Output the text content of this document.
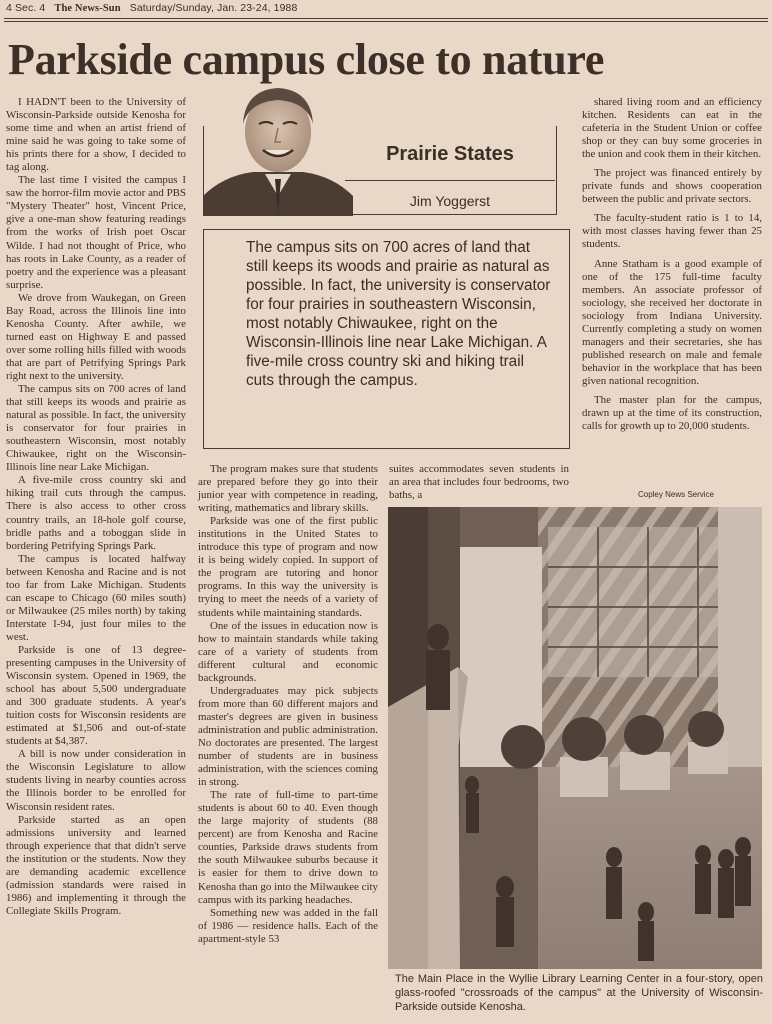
4 Sec. 4 The News-Sun Saturday/Sunday, Jan. 23-24, 1988
Parkside campus close to nature

I HADN'T been to the University of Wisconsin-Parkside outside Kenosha for some time and when an artist friend of mine said he was going to take some of his prints there for a show, I decided to tag along.

The last time I visited the campus I saw the horror-film movie actor and PBS "Mystery Theater" host, Vincent Price, give a one-man show featuring readings from the works of Irish poet Oscar Wilde. I had not thought of Price, who has roots in Lake County, as a reader of poetry and the experience was a pleasant surprise.

We drove from Waukegan, on Green Bay Road, across the Illinois line into Kenosha County. After awhile, we turned east on Highway E and passed over some rolling hills filled with woods that are part of Petrifying Springs Park right next to the university.

The campus sits on 700 acres of land that still keeps its woods and prairie as natural as possible. In fact, the university is conservator for four prairies in southeastern Wisconsin, most notably Chiwaukee, right on the Wisconsin-Illinois line near Lake Michigan.

A five-mile cross country ski and hiking trail cuts through the campus. There is also access to other cross country trails, an 18-hole golf course, bridle paths and a toboggan slide in bordering Petrifying Springs Park.

The campus is located halfway between Kenosha and Racine and is not too far from Lake Michigan. Students can escape to Chicago (60 miles south) or Milwaukee (25 miles north) by taking Interstate I-94, just four miles to the west.

Parkside is one of 13 degree-presenting campuses in the University of Wisconsin system. Opened in 1969, the school has about 5,500 undergraduate and 300 graduate students. A year's tuition costs for Wisconsin residents are estimated at $1,506 and out-of-state students at $4,387.

A bill is now under consideration in the Wisconsin Legislature to allow students living in nearby counties across the Illinois border to be enrolled for Wisconsin resident rates.

Parkside started as an open admissions university and learned through experience that that didn't serve the institution or the students. Now they are demanding academic excellence (admission standards were raised in 1986) and implementing it through the Collegiate Skills Program.

Prairie States
Jim Yoggerst
The campus sits on 700 acres of land that still keeps its woods and prairie as natural as possible. In fact, the university is conservator for four prairies in southeastern Wisconsin, most notably Chiwaukee, right on the Wisconsin-Illinois line near Lake Michigan. A five-mile cross country ski and hiking trail cuts through the campus.

The program makes sure that students are prepared before they go into their junior year with competence in reading, writing, mathematics and library skills.

Parkside was one of the first public institutions in the United States to introduce this type of program and now it is being widely copied. In support of the program are tutoring and honor programs. In this way the university is trying to meet the needs of a variety of students while maintaining standards.

One of the issues in education now is how to maintain standards while taking care of a variety of students from different cultural and economic backgrounds.

Undergraduates may pick subjects from more than 60 different majors and master's degrees are given in business administration and public administration. No doctorates are presented. The largest number of students are in business administration, with the sciences coming in strong.

The rate of full-time to part-time students is about 60 to 40. Even though the large majority of students (88 percent) are from Kenosha and Racine counties, Parkside draws students from the south Milwaukee suburbs because it is easier for them to drive down to Kenosha than go into the Milwaukee city campus with its parking headaches.

Something new was added in the fall of 1986 — residence halls. Each of the apartment-style 53

suites accommodates seven students in an area that includes four bedrooms, two baths, a

shared living room and an efficiency kitchen. Residents can eat in the cafeteria in the Student Union or coffee shop or they can buy some groceries in the union and cook them in their kitchen.

The project was financed entirely by private funds and shows cooperation between the public and private sectors.

The faculty-student ratio is 1 to 14, with most classes having fewer than 25 students.

Anne Statham is a good example of one of the 175 full-time faculty members. An associate professor of sociology, she received her doctorate in sociology from Indiana University. Currently completing a study on women managers and their secretaries, she has published research on male and female behavior in the workplace that has been given national recognition.

The master plan for the campus, drawn up at the time of its construction, calls for growth up to 20,000 students.

Copley News Service
The Main Place in the Wyllie Library Learning Center in a four-story, open glass-roofed "crossroads of the campus" at the University of Wisconsin-Parkside outside Kenosha.
